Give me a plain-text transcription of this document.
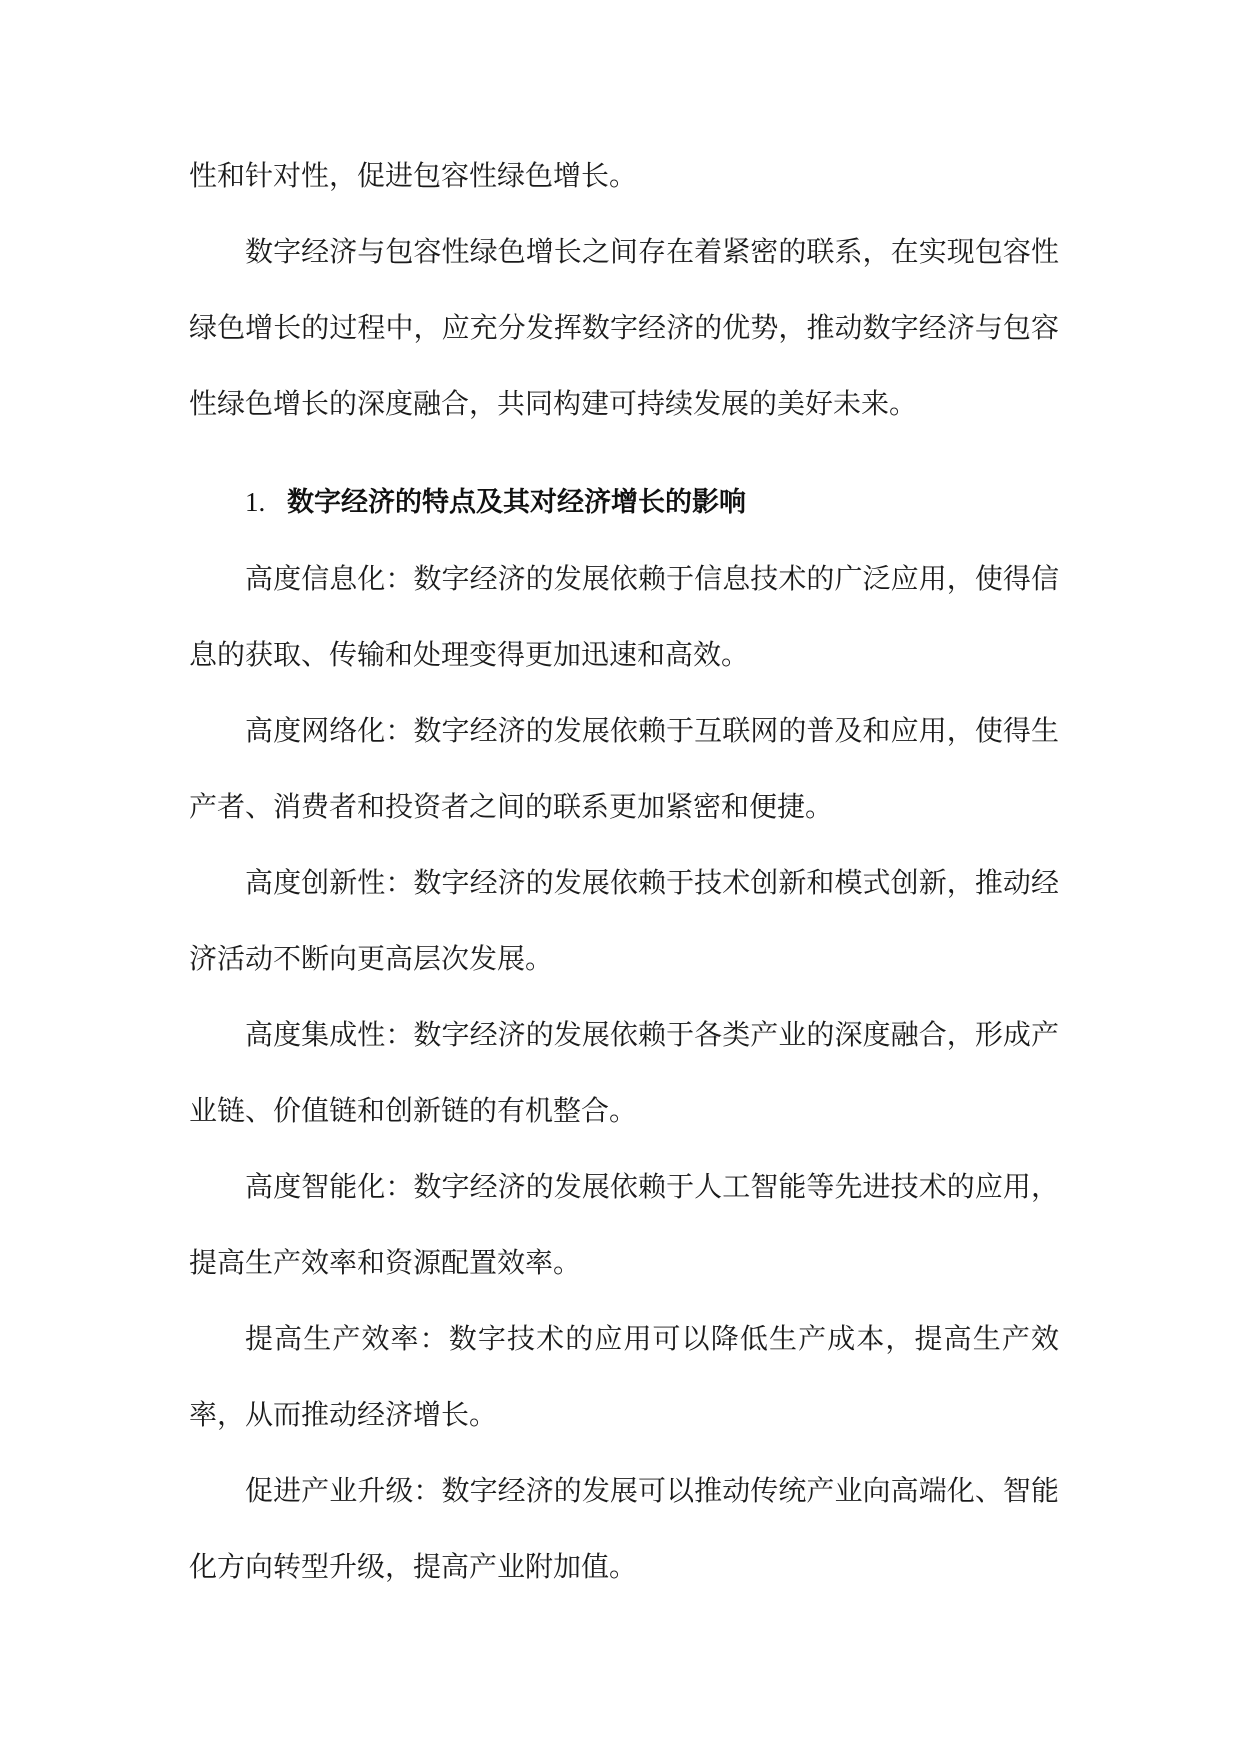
性和针对性，促进包容性绿色增长。

数字经济与包容性绿色增长之间存在着紧密的联系，在实现包容性绿色增长的过程中，应充分发挥数字经济的优势，推动数字经济与包容性绿色增长的深度融合，共同构建可持续发展的美好未来。

1. 数字经济的特点及其对经济增长的影响

高度信息化：数字经济的发展依赖于信息技术的广泛应用，使得信息的获取、传输和处理变得更加迅速和高效。

高度网络化：数字经济的发展依赖于互联网的普及和应用，使得生产者、消费者和投资者之间的联系更加紧密和便捷。

高度创新性：数字经济的发展依赖于技术创新和模式创新，推动经济活动不断向更高层次发展。

高度集成性：数字经济的发展依赖于各类产业的深度融合，形成产业链、价值链和创新链的有机整合。

高度智能化：数字经济的发展依赖于人工智能等先进技术的应用，提高生产效率和资源配置效率。

提高生产效率：数字技术的应用可以降低生产成本，提高生产效率，从而推动经济增长。

促进产业升级：数字经济的发展可以推动传统产业向高端化、智能化方向转型升级，提高产业附加值。
